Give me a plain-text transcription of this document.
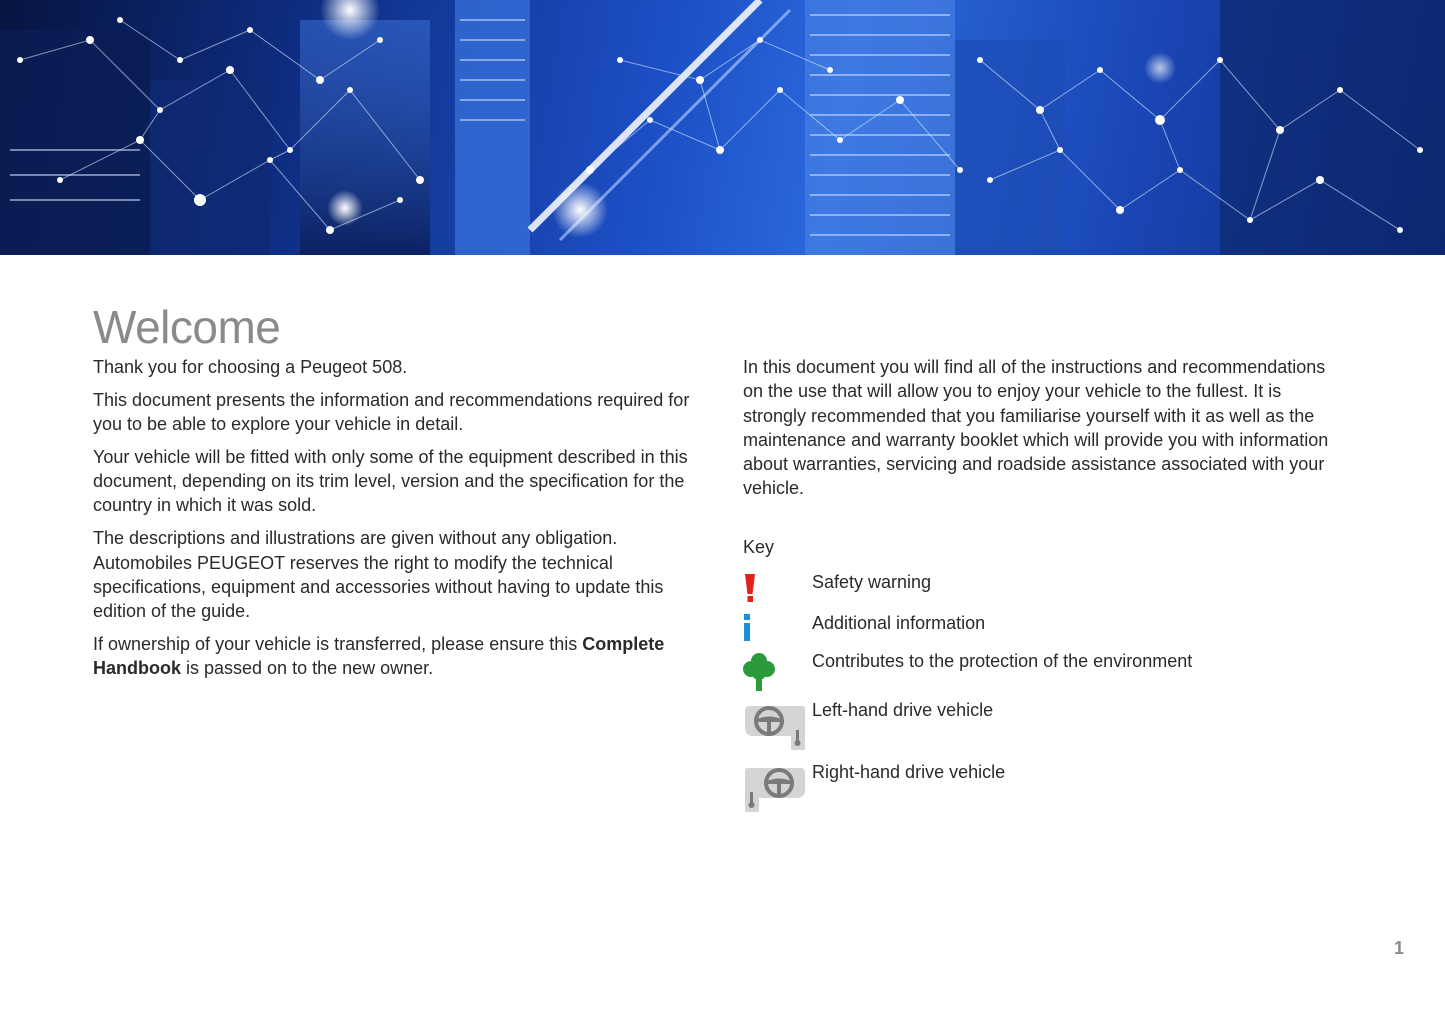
Welcome

Thank you for choosing a Peugeot 508.

This document presents the information and recommendations required for you to be able to explore your vehicle in detail.

Your vehicle will be fitted with only some of the equipment described in this document, depending on its trim level, version and the specification for the country in which it was sold.

The descriptions and illustrations are given without any obligation. Automobiles PEUGEOT reserves the right to modify the technical specifications, equipment and accessories without having to update this edition of the guide.

If ownership of your vehicle is transferred, please ensure this Complete Handbook is passed on to the new owner.

In this document you will find all of the instructions and recommendations on the use that will allow you to enjoy your vehicle to the fullest. It is strongly recommended that you familiarise yourself with it as well as the maintenance and warranty booklet which will provide you with information about warranties, servicing and roadside assistance associated with your vehicle.

Key
Safety warning
Additional information
Contributes to the protection of the environment
Left-hand drive vehicle
Right-hand drive vehicle
1
